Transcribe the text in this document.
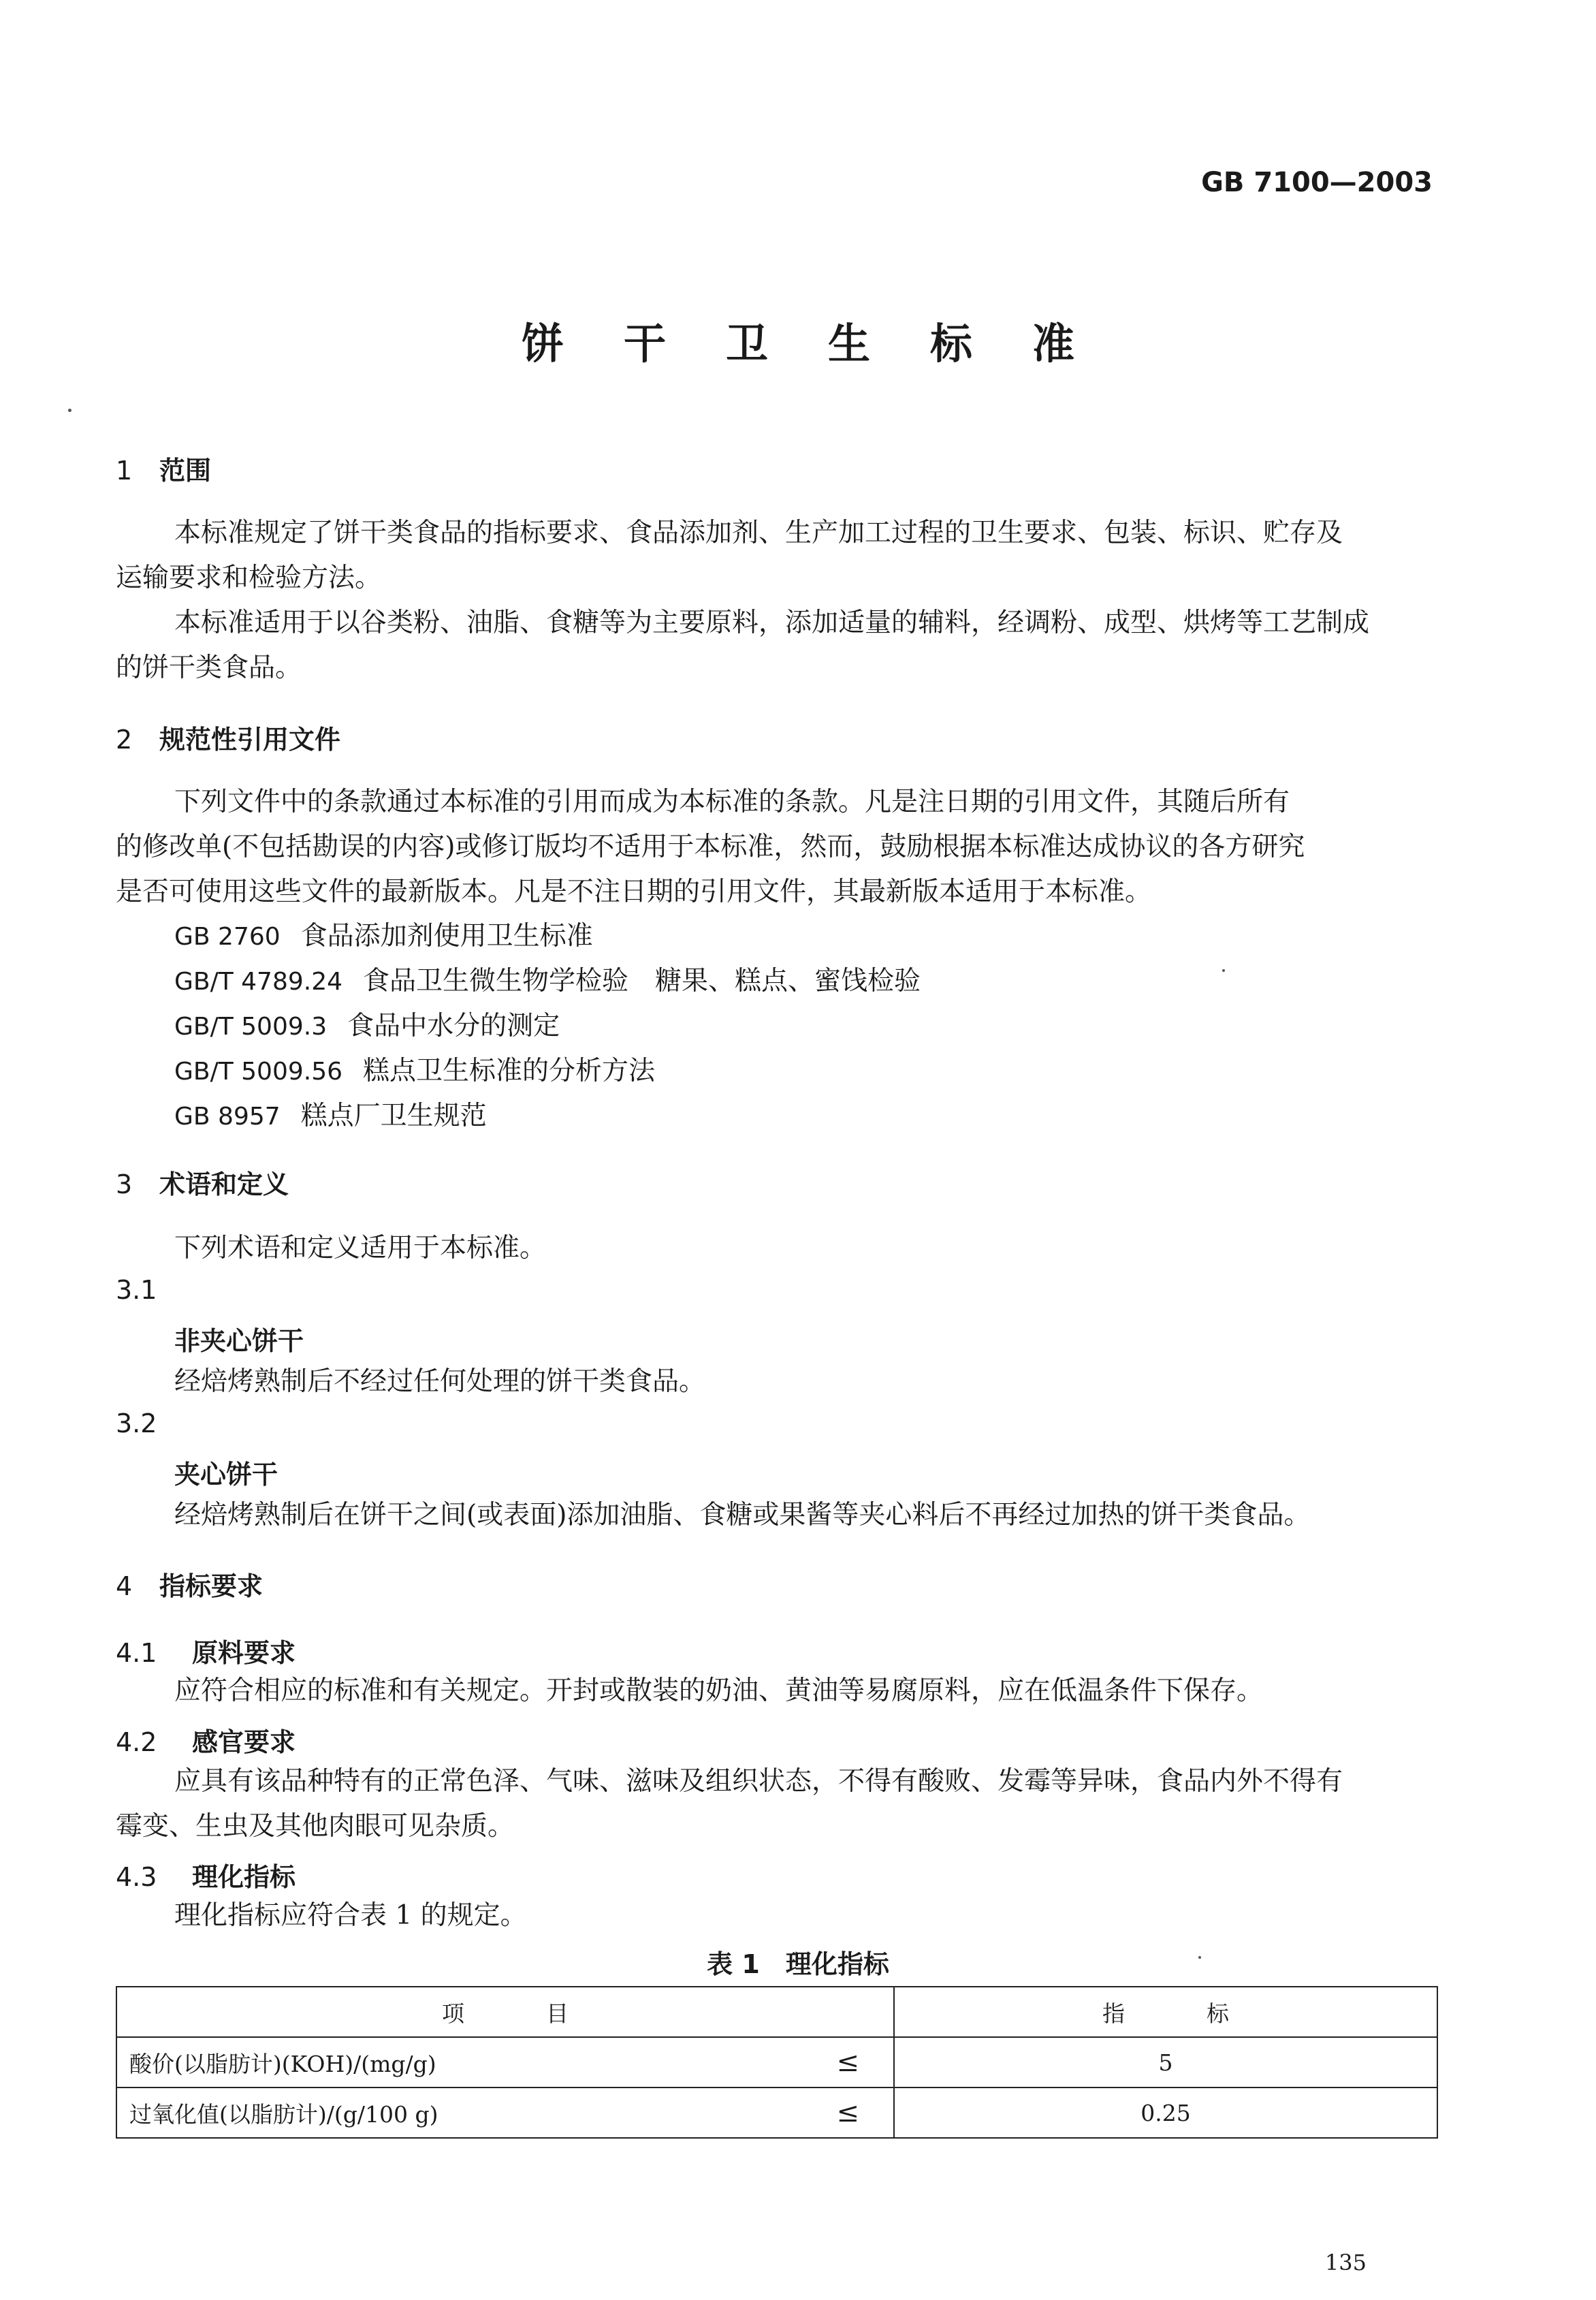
GB 7100—2003
饼 干 卫 生 标 准
1 范围
本标准规定了饼干类食品的指标要求、食品添加剂、生产加工过程的卫生要求、包装、标识、贮存及
运输要求和检验方法。
本标准适用于以谷类粉、油脂、食糖等为主要原料，添加适量的辅料，经调粉、成型、烘烤等工艺制成
的饼干类食品。
2 规范性引用文件
下列文件中的条款通过本标准的引用而成为本标准的条款。凡是注日期的引用文件，其随后所有
的修改单(不包括勘误的内容)或修订版均不适用于本标准，然而，鼓励根据本标准达成协议的各方研究
是否可使用这些文件的最新版本。凡是不注日期的引用文件，其最新版本适用于本标准。
GB 2760 食品添加剂使用卫生标准
GB/T 4789.24 食品卫生微生物学检验　糖果、糕点、蜜饯检验
GB/T 5009.3 食品中水分的测定
GB/T 5009.56 糕点卫生标准的分析方法
GB 8957 糕点厂卫生规范
3 术语和定义
下列术语和定义适用于本标准。
3.1
非夹心饼干
经焙烤熟制后不经过任何处理的饼干类食品。
3.2
夹心饼干
经焙烤熟制后在饼干之间(或表面)添加油脂、食糖或果酱等夹心料后不再经过加热的饼干类食品。
4 指标要求
4.1 原料要求
应符合相应的标准和有关规定。开封或散装的奶油、黄油等易腐原料，应在低温条件下保存。
4.2 感官要求
应具有该品种特有的正常色泽、气味、滋味及组织状态，不得有酸败、发霉等异味，食品内外不得有
霉变、生虫及其他肉眼可见杂质。
4.3 理化指标
理化指标应符合表 1 的规定。
表 1　理化指标
项 目		指 标
酸价(以脂肪计)(KOH)/(mg/g)	≤	5
过氧化值(以脂肪计)/(g/100 g)	≤	0.25
135
